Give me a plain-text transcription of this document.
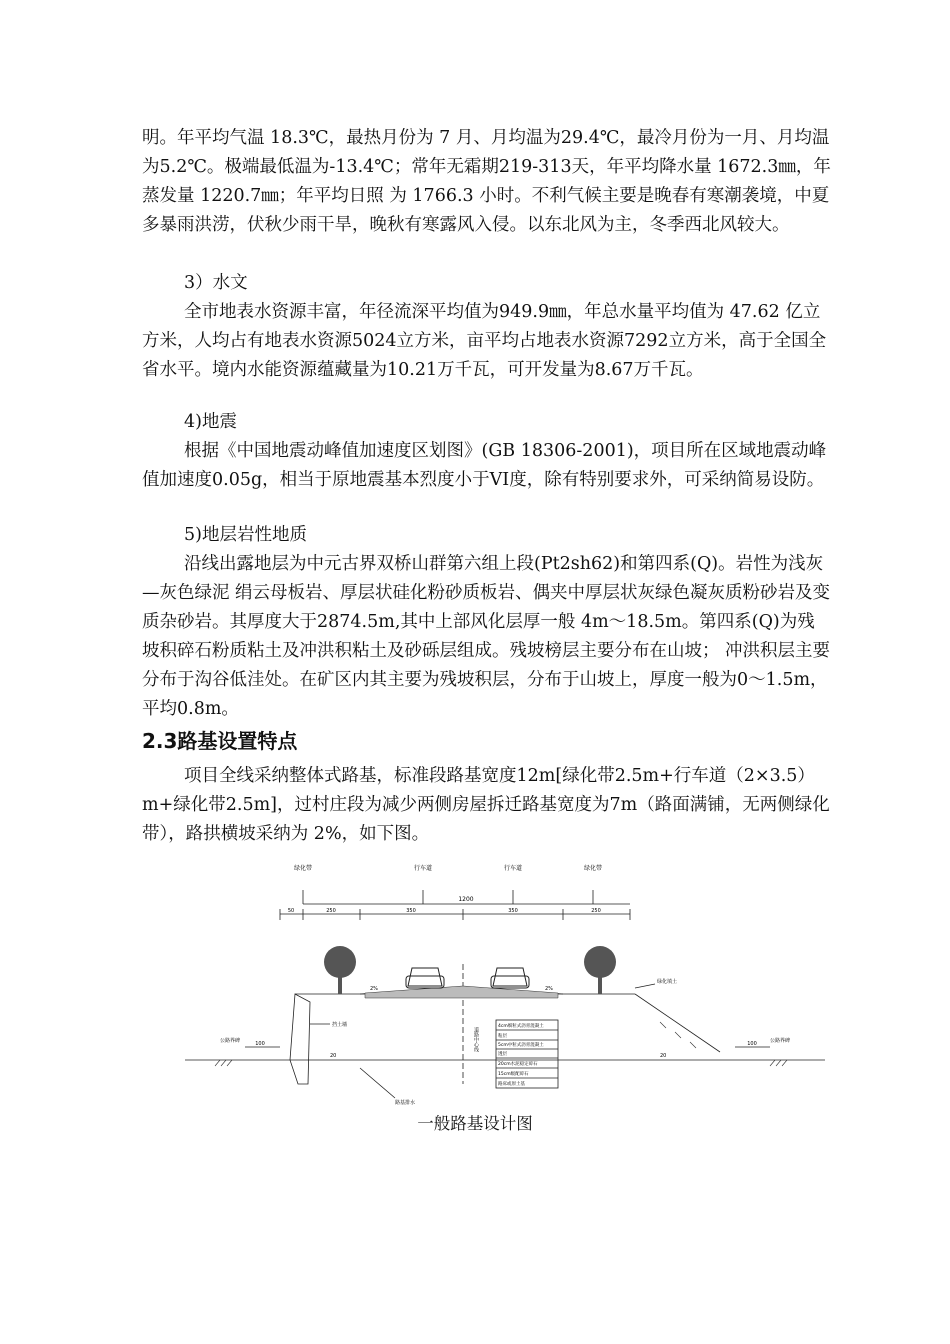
明。年平均气温 18.3℃，最热月份为 7 月、月均温为29.4℃，最冷月份为一月、月均温为5.2℃。极端最低温为-13.4℃；常年无霜期219-313天，年平均降水量 1672.3㎜，年蒸发量 1220.7㎜；年平均日照 为 1766.3 小时。不利气候主要是晚春有寒潮袭境，中夏多暴雨洪涝，伏秋少雨干旱，晚秋有寒露风入侵。以东北风为主，冬季西北风较大。

3）水文

全市地表水资源丰富，年径流深平均值为949.9㎜，年总水量平均值为 47.62 亿立方米，人均占有地表水资源5024立方米，亩平均占地表水资源7292立方米，高于全国全省水平。境内水能资源蕴藏量为10.21万千瓦，可开发量为8.67万千瓦。

4)地震

根据《中国地震动峰值加速度区划图》(GB 18306-2001)，项目所在区域地震动峰值加速度0.05g，相当于原地震基本烈度小于VI度，除有特别要求外，可采纳简易设防。

5)地层岩性地质

沿线出露地层为中元古界双桥山群第六组上段(Pt2sh62)和第四系(Q)。岩性为浅灰—灰色绿泥 绢云母板岩、厚层状硅化粉砂质板岩、偶夹中厚层状灰绿色凝灰质粉砂岩及变质杂砂岩。其厚度大于2874.5m,其中上部风化层厚一般 4m～18.5m。第四系(Q)为残坡积碎石粉质粘土及冲洪积粘土及砂砾层组成。残坡榜层主要分布在山坡； 冲洪积层主要分布于沟谷低洼处。在矿区内其主要为残坡积层，分布于山坡上，厚度一般为0～1.5m，平均0.8m。

2.3路基设置特点

项目全线采纳整体式路基，标准段路基宽度12m[绿化带2.5m+行车道（2×3.5）m+绿化带2.5m]，过村庄段为减少两侧房屋拆迁路基宽度为7m（路面满铺，无两侧绿化带），路拱横坡采纳为 2%，如下图。

绿化带	行车道	行车道	绿化带
1200
50	250	350	350	250
2%	2%
公路界碑	公路界碑
100	100
挡土墙
绿化填土
路基排水
20	20
道路中心线
4cm细粒式沥青混凝土
粘层
5cm中粒式沥青混凝土
透层
20cm水泥稳定碎石
15cm级配碎石
路床或原土基
一般路基设计图
